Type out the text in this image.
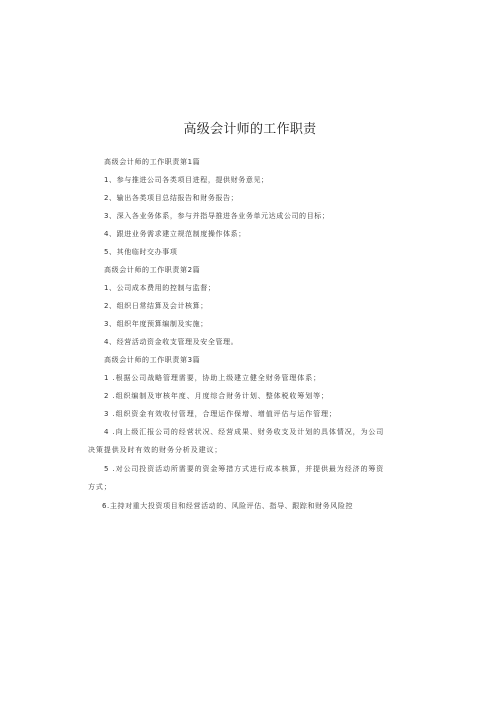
高级会计师的工作职责
高级会计师的工作职责第1篇
1、参与推进公司各类项目进程，提供财务意见；
2、输出各类项目总结报告和财务报告；
3、深入各业务体系，参与并指导推进各业务单元达成公司的目标；
4、跟进业务需求建立规范制度操作体系；
5、其他临时交办事项
高级会计师的工作职责第2篇
1、公司成本费用的控制与监督；
2、组织日常结算及会计核算；
3、组织年度预算编制及实施；
4、经营活动资金收支管理及安全管理。
高级会计师的工作职责第3篇
1 .根据公司战略管理需要，协助上级建立健全财务管理体系；
2 .组织编制及审核年度、月度综合财务计划、整体税收筹划等；
3 .组织资金有效收付管理，合理运作保增、增值评估与运作管理；
4 .向上级汇报公司的经营状况、经营成果、财务收支及计划的具体情况，为公司
决策提供及时有效的财务分析及建议；
5 .对公司投资活动所需要的资金筹措方式进行成本核算，并提供最为经济的筹资
方式；
6.主持对重大投资项目和经营活动的、风险评估、指导、跟踪和财务风险控
